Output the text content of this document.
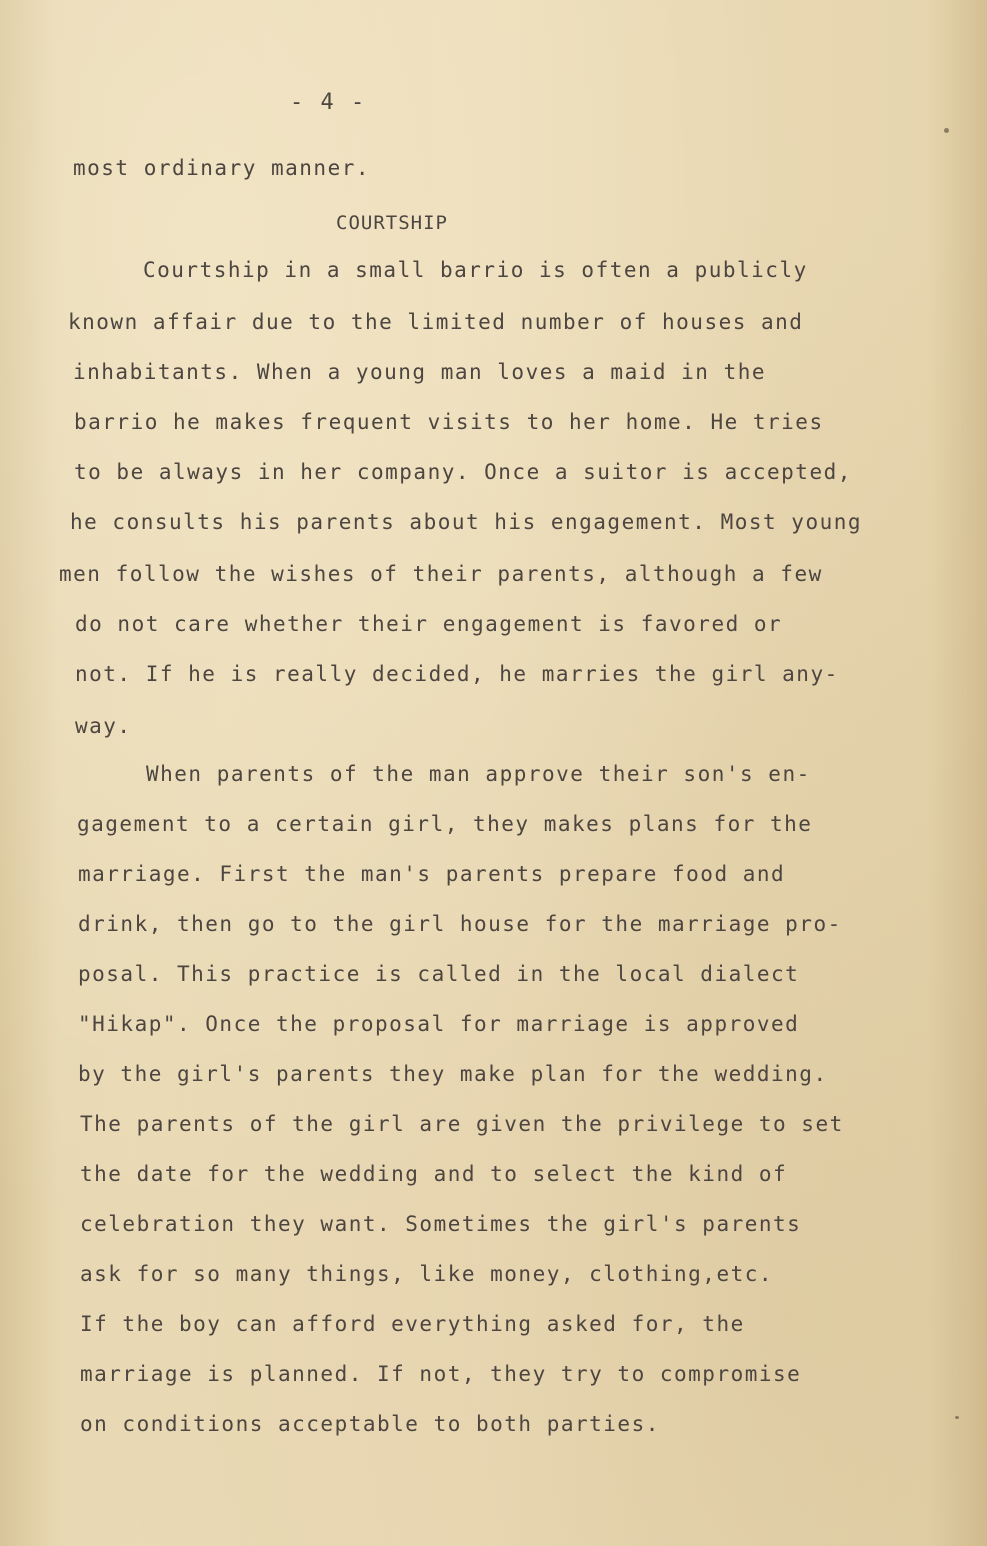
- 4 -
most ordinary manner.
COURTSHIP
Courtship in a small barrio is often a publicly
known affair due to the limited number of houses and
inhabitants. When a young man loves a maid in the
barrio he makes frequent visits to her home. He tries
to be always in her company. Once a suitor is accepted,
he consults his parents about his engagement. Most young
men follow the wishes of their parents, although a few
do not care whether their engagement is favored or
not. If he is really decided, he marries the girl any-
way.
When parents of the man approve their son's en-
gagement to a certain girl, they makes plans for the
marriage. First the man's parents prepare food and
drink, then go to the girl house for the marriage pro-
posal. This practice is called in the local dialect
"Hikap". Once the proposal for marriage is approved
by the girl's parents they make plan for the wedding.
The parents of the girl are given the privilege to set
the date for the wedding and to select the kind of
celebration they want. Sometimes the girl's parents
ask for so many things, like money, clothing,etc.
If the boy can afford everything asked for, the
marriage is planned. If not, they try to compromise
on conditions acceptable to both parties.
